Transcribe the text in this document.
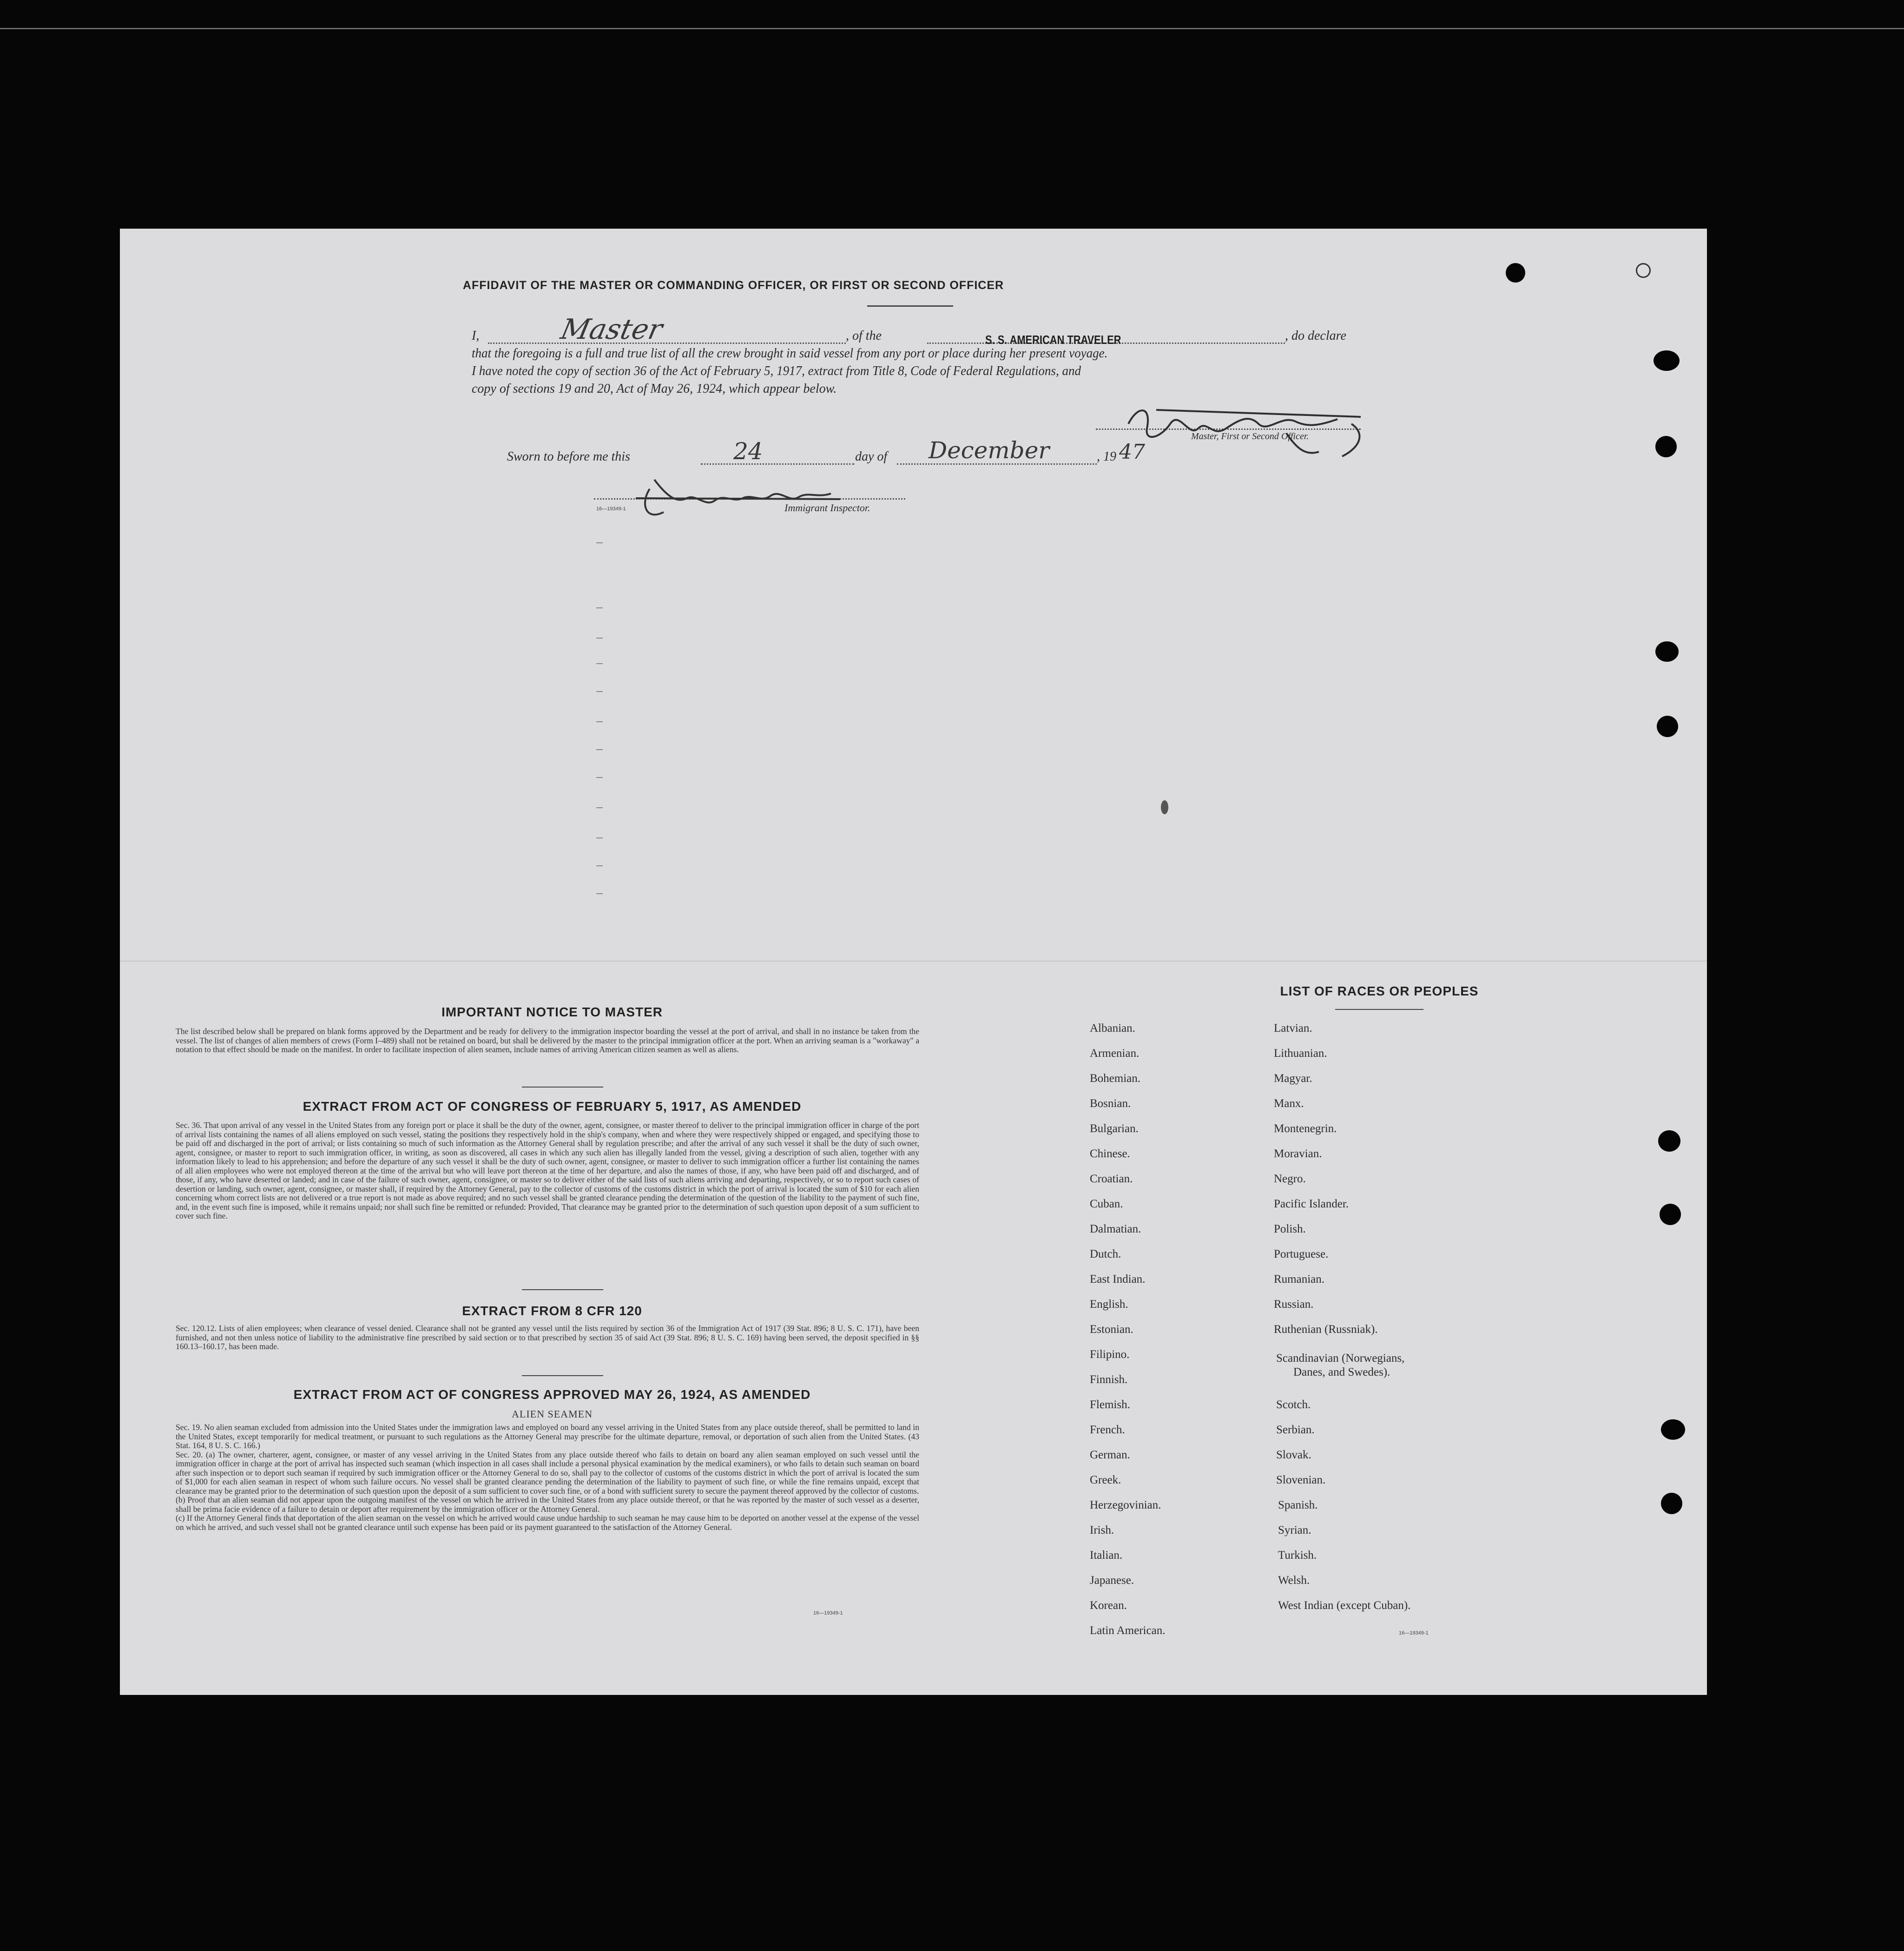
AFFIDAVIT OF THE MASTER OR COMMANDING OFFICER, OR FIRST OR SECOND OFFICER
I,	Master	, of the	S. S. AMERICAN TRAVELER	, do declare
that the foregoing is a full and true list of all the crew brought in said vessel from any port or place during her present voyage.
I have noted the copy of section 36 of the Act of February 5, 1917, extract from Title 8, Code of Federal Regulations, and
copy of sections 19 and 20, Act of May 26, 1924, which appear below.
Master, First or Second Officer.
Sworn to before me this	24	day of December	, 19 47
16—19349-1	Immigrant Inspector.
IMPORTANT NOTICE TO MASTER

The list described below shall be prepared on blank forms approved by the Department and be ready for delivery to the immigration inspector boarding the vessel at the port of arrival, and shall in no instance be taken from the vessel. The list of changes of alien members of crews (Form I–489) shall not be retained on board, but shall be delivered by the master to the principal immigration officer at the port. When an arriving seaman is a "workaway" a notation to that effect should be made on the manifest. In order to facilitate inspection of alien seamen, include names of arriving American citizen seamen as well as aliens.

EXTRACT FROM ACT OF CONGRESS OF FEBRUARY 5, 1917, AS AMENDED

Sec. 36. That upon arrival of any vessel in the United States from any foreign port or place it shall be the duty of the owner, agent, consignee, or master thereof to deliver to the principal immigration officer in charge of the port of arrival lists containing the names of all aliens employed on such vessel, stating the positions they respectively hold in the ship's company, when and where they were respectively shipped or engaged, and specifying those to be paid off and discharged in the port of arrival; or lists containing so much of such information as the Attorney General shall by regulation prescribe; and after the arrival of any such vessel it shall be the duty of such owner, agent, consignee, or master to report to such immigration officer, in writing, as soon as discovered, all cases in which any such alien has illegally landed from the vessel, giving a description of such alien, together with any information likely to lead to his apprehension; and before the departure of any such vessel it shall be the duty of such owner, agent, consignee, or master to deliver to such immigration officer a further list containing the names of all alien employees who were not employed thereon at the time of the arrival but who will leave port thereon at the time of her departure, and also the names of those, if any, who have been paid off and discharged, and of those, if any, who have deserted or landed; and in case of the failure of such owner, agent, consignee, or master so to deliver either of the said lists of such aliens arriving and departing, respectively, or so to report such cases of desertion or landing, such owner, agent, consignee, or master shall, if required by the Attorney General, pay to the collector of customs of the customs district in which the port of arrival is located the sum of $10 for each alien concerning whom correct lists are not delivered or a true report is not made as above required; and no such vessel shall be granted clearance pending the determination of the question of the liability to the payment of such fine, and, in the event such fine is imposed, while it remains unpaid; nor shall such fine be remitted or refunded: Provided, That clearance may be granted prior to the determination of such question upon deposit of a sum sufficient to cover such fine.

EXTRACT FROM 8 CFR 120

Sec. 120.12. Lists of alien employees; when clearance of vessel denied. Clearance shall not be granted any vessel until the lists required by section 36 of the Immigration Act of 1917 (39 Stat. 896; 8 U. S. C. 171), have been furnished, and not then unless notice of liability to the administrative fine prescribed by said section or to that prescribed by section 35 of said Act (39 Stat. 896; 8 U. S. C. 169) having been served, the deposit specified in §§ 160.13–160.17, has been made.

EXTRACT FROM ACT OF CONGRESS APPROVED MAY 26, 1924, AS AMENDED
ALIEN SEAMEN

Sec. 19. No alien seaman excluded from admission into the United States under the immigration laws and employed on board any vessel arriving in the United States from any place outside thereof, shall be permitted to land in the United States, except temporarily for medical treatment, or pursuant to such regulations as the Attorney General may prescribe for the ultimate departure, removal, or deportation of such alien from the United States. (43 Stat. 164, 8 U. S. C. 166.)

Sec. 20. (a) The owner, charterer, agent, consignee, or master of any vessel arriving in the United States from any place outside thereof who fails to detain on board any alien seaman employed on such vessel until the immigration officer in charge at the port of arrival has inspected such seaman (which inspection in all cases shall include a personal physical examination by the medical examiners), or who fails to detain such seaman on board after such inspection or to deport such seaman if required by such immigration officer or the Attorney General to do so, shall pay to the collector of customs of the customs district in which the port of arrival is located the sum of $1,000 for each alien seaman in respect of whom such failure occurs. No vessel shall be granted clearance pending the determination of the liability to payment of such fine, or while the fine remains unpaid, except that clearance may be granted prior to the determination of such question upon the deposit of a sum sufficient to cover such fine, or of a bond with sufficient surety to secure the payment thereof approved by the collector of customs.

(b) Proof that an alien seaman did not appear upon the outgoing manifest of the vessel on which he arrived in the United States from any place outside thereof, or that he was reported by the master of such vessel as a deserter, shall be prima facie evidence of a failure to detain or deport after requirement by the immigration officer or the Attorney General.

(c) If the Attorney General finds that deportation of the alien seaman on the vessel on which he arrived would cause undue hardship to such seaman he may cause him to be deported on another vessel at the expense of the vessel on which he arrived, and such vessel shall not be granted clearance until such expense has been paid or its payment guaranteed to the satisfaction of the Attorney General.

16—19349-1
LIST OF RACES OR PEOPLES
Albanian.
Armenian.
Bohemian.
Bosnian.
Bulgarian.
Chinese.
Croatian.
Cuban.
Dalmatian.
Dutch.
East Indian.
English.
Estonian.
Filipino.
Finnish.
Flemish.
French.
German.
Greek.
Herzegovinian.
Irish.
Italian.
Japanese.
Korean.
Latin American.
Latvian.
Lithuanian.
Magyar.
Manx.
Montenegrin.
Moravian.
Negro.
Pacific Islander.
Polish.
Portuguese.
Rumanian.
Russian.
Ruthenian (Russniak).
Scandinavian (Norwegians,
Danes, and Swedes).
Scotch.
Serbian.
Slovak.
Slovenian.
Spanish.
Syrian.
Turkish.
Welsh.
West Indian (except Cuban).
16—19349-1
